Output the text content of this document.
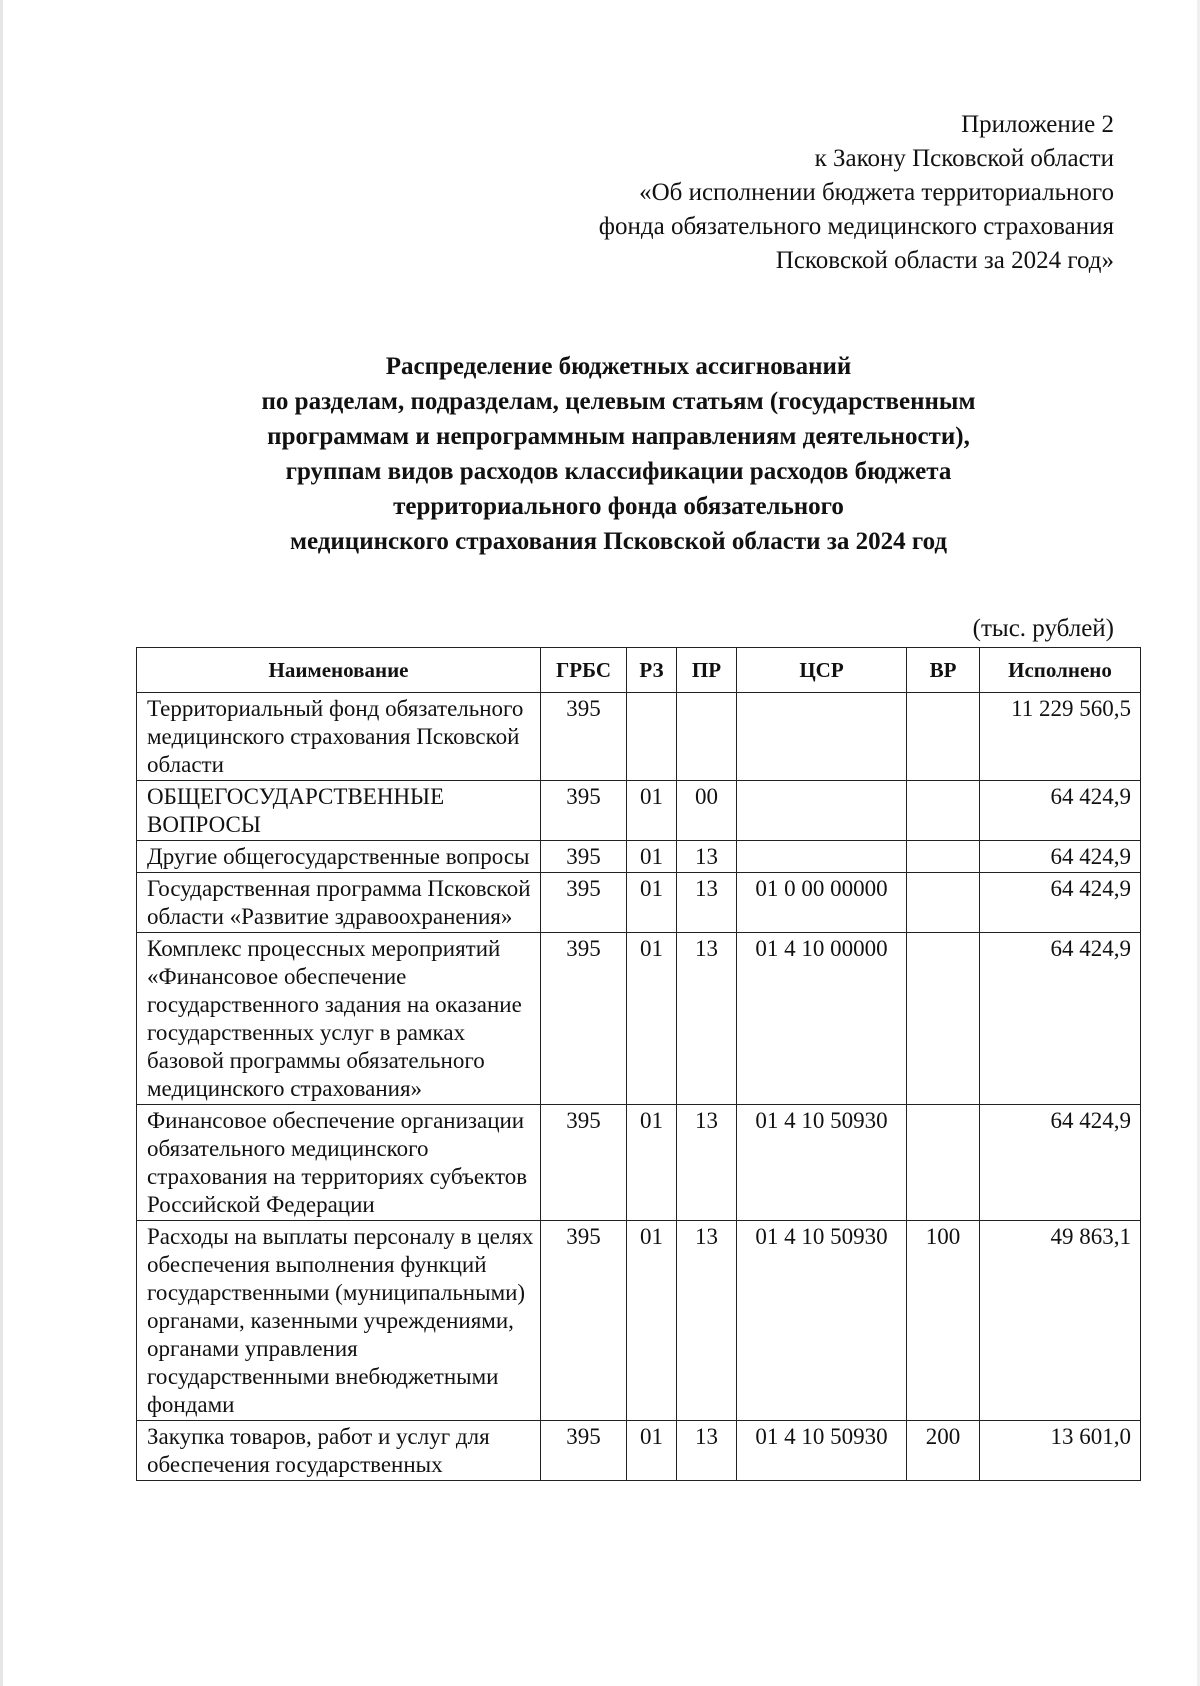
Приложение 2
к Закону Псковской области
«Об исполнении бюджета территориального
фонда обязательного медицинского страхования
Псковской области за 2024 год»
Распределение бюджетных ассигнований
по разделам, подразделам, целевым статьям (государственным
программам и непрограммным направлениям деятельности),
группам видов расходов классификации расходов бюджета
территориального фонда обязательного
медицинского страхования Псковской области за 2024 год
(тыс. рублей)
Наименование	ГРБС	РЗ	ПР	ЦСР	ВР	Исполнено
Территориальный фонд обязательного медицинского страхования Псковской области	395					11 229 560,5
ОБЩЕГОСУДАРСТВЕННЫЕ ВОПРОСЫ	395	01	00			64 424,9
Другие общегосударственные вопросы	395	01	13			64 424,9
Государственная программа Псковской области «Развитие здравоохранения»	395	01	13	01 0 00 00000		64 424,9
Комплекс процессных мероприятий «Финансовое обеспечение государственного задания на оказание государственных услуг в рамках базовой программы обязательного медицинского страхования»	395	01	13	01 4 10 00000		64 424,9
Финансовое обеспечение организации обязательного медицинского страхования на территориях субъектов Российской Федерации	395	01	13	01 4 10 50930		64 424,9
Расходы на выплаты персоналу в целях обеспечения выполнения функций государственными (муниципальными) органами, казенными учреждениями, органами управления государственными внебюджетными фондами	395	01	13	01 4 10 50930	100	49 863,1
Закупка товаров, работ и услуг для обеспечения государственных	395	01	13	01 4 10 50930	200	13 601,0
